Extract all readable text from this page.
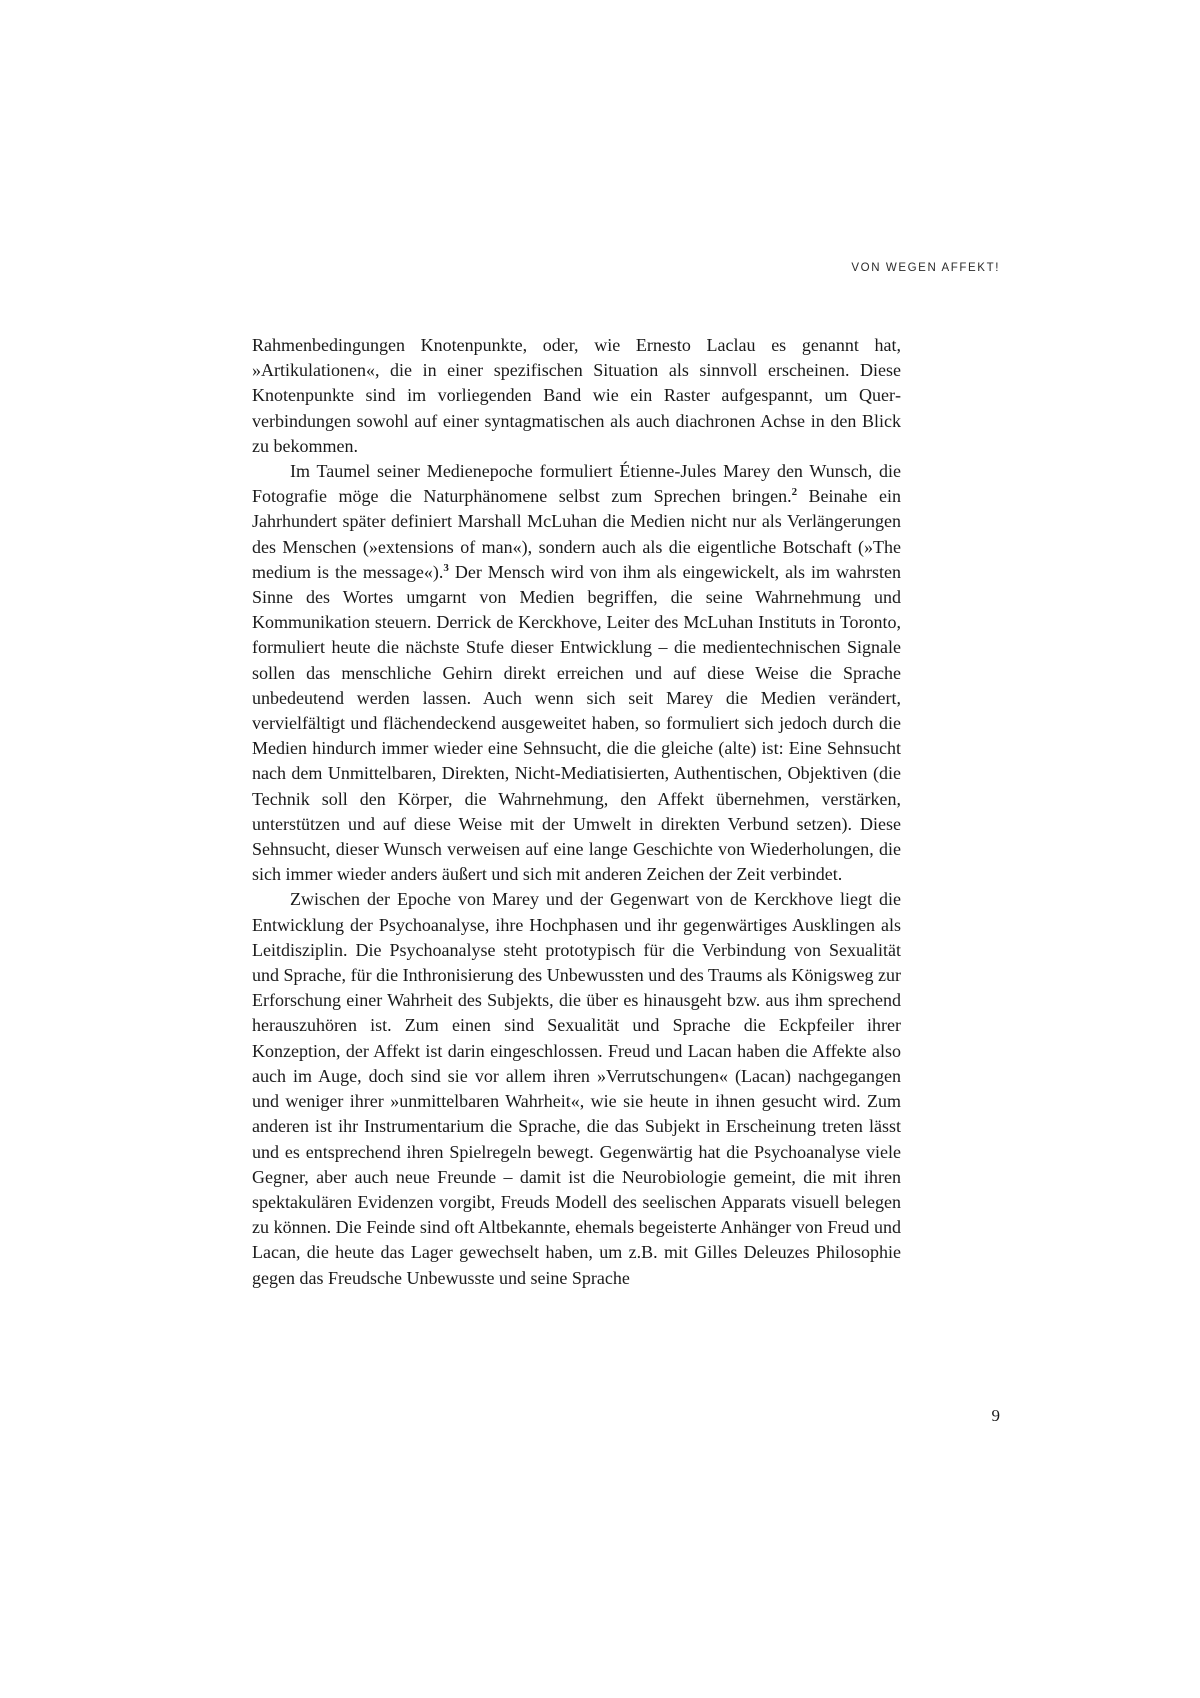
VON WEGEN AFFEKT!

Rahmenbedingungen Knotenpunkte, oder, wie Ernesto Laclau es genannt hat, »Artikulationen«, die in einer spezifischen Situation als sinnvoll erscheinen. Diese Knotenpunkte sind im vorliegenden Band wie ein Raster aufgespannt, um Querverbindungen sowohl auf einer syntagmatischen als auch diachronen Achse in den Blick zu bekommen.

Im Taumel seiner Medienepoche formuliert Étienne-Jules Marey den Wunsch, die Fotografie möge die Naturphänomene selbst zum Sprechen bringen.$^2$ Beinahe ein Jahrhundert später definiert Marshall McLuhan die Medien nicht nur als Verlängerungen des Menschen (»extensions of man«), sondern auch als die eigentliche Botschaft (»The medium is the message«).$^3$ Der Mensch wird von ihm als eingewickelt, als im wahrsten Sinne des Wortes umgarnt von Medien begriffen, die seine Wahrnehmung und Kommunikation steuern. Derrick de Kerckhove, Leiter des McLuhan Instituts in Toronto, formuliert heute die nächste Stufe dieser Entwicklung – die medientechnischen Signale sollen das menschliche Gehirn direkt erreichen und auf diese Weise die Sprache unbedeutend werden lassen. Auch wenn sich seit Marey die Medien verändert, vervielfältigt und flächendeckend ausgeweitet haben, so formuliert sich jedoch durch die Medien hindurch immer wieder eine Sehnsucht, die die gleiche (alte) ist: Eine Sehnsucht nach dem Unmittelbaren, Direkten, Nicht-Mediatisierten, Authentischen, Objektiven (die Technik soll den Körper, die Wahrnehmung, den Affekt übernehmen, verstärken, unterstützen und auf diese Weise mit der Umwelt in direkten Verbund setzen). Diese Sehnsucht, dieser Wunsch verweisen auf eine lange Geschichte von Wiederholungen, die sich immer wieder anders äußert und sich mit anderen Zeichen der Zeit verbindet.

Zwischen der Epoche von Marey und der Gegenwart von de Kerckhove liegt die Entwicklung der Psychoanalyse, ihre Hochphasen und ihr gegenwärtiges Ausklingen als Leitdisziplin. Die Psychoanalyse steht prototypisch für die Verbindung von Sexualität und Sprache, für die Inthronisierung des Unbewussten und des Traums als Königsweg zur Erforschung einer Wahrheit des Subjekts, die über es hinausgeht bzw. aus ihm sprechend herauszuhören ist. Zum einen sind Sexualität und Sprache die Eckpfeiler ihrer Konzeption, der Affekt ist darin eingeschlossen. Freud und Lacan haben die Affekte also auch im Auge, doch sind sie vor allem ihren »Verrutschungen« (Lacan) nachgegangen und weniger ihrer »unmittelbaren Wahrheit«, wie sie heute in ihnen gesucht wird. Zum anderen ist ihr Instrumentarium die Sprache, die das Subjekt in Erscheinung treten lässt und es entsprechend ihren Spielregeln bewegt. Gegenwärtig hat die Psychoanalyse viele Gegner, aber auch neue Freunde – damit ist die Neurobiologie gemeint, die mit ihren spektakulären Evidenzen vorgibt, Freuds Modell des seelischen Apparats visuell belegen zu können. Die Feinde sind oft Altbekannte, ehemals begeisterte Anhänger von Freud und Lacan, die heute das Lager gewechselt haben, um z.B. mit Gilles Deleuzes Philosophie gegen das Freudsche Unbewusste und seine Sprache

9
